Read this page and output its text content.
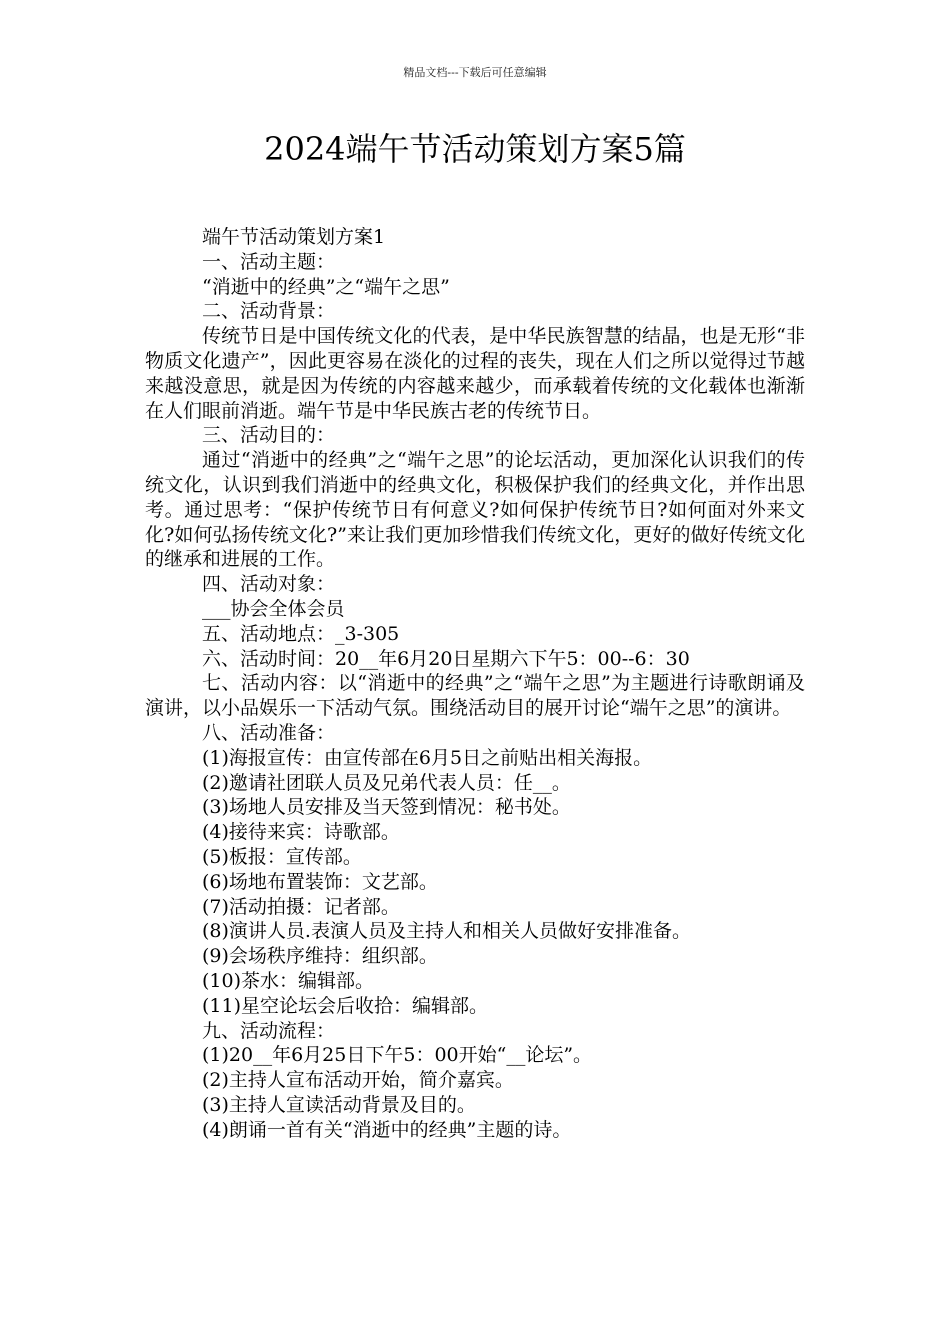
精品文档---下载后可任意编辑
2024端午节活动策划方案5篇

端午节活动策划方案1

一、活动主题：

“消逝中的经典”之“端午之思”

二、活动背景：

传统节日是中国传统文化的代表，是中华民族智慧的结晶，也是无形“非物质文化遗产”，因此更容易在淡化的过程的丧失，现在人们之所以觉得过节越来越没意思，就是因为传统的内容越来越少，而承载着传统的文化载体也渐渐在人们眼前消逝。端午节是中华民族古老的传统节日。

三、活动目的：

通过“消逝中的经典”之“端午之思”的论坛活动，更加深化认识我们的传统文化，认识到我们消逝中的经典文化，积极保护我们的经典文化，并作出思考。通过思考：“保护传统节日有何意义?如何保护传统节日?如何面对外来文化?如何弘扬传统文化?”来让我们更加珍惜我们传统文化，更好的做好传统文化的继承和进展的工作。

四、活动对象：

___协会全体会员

五、活动地点：_3-305

六、活动时间：20__年6月20日星期六下午5：00--6：30

七、活动内容：以“消逝中的经典”之“端午之思”为主题进行诗歌朗诵及演讲，以小品娱乐一下活动气氛。围绕活动目的展开讨论“端午之思”的演讲。

八、活动准备：

(1)海报宣传：由宣传部在6月5日之前贴出相关海报。

(2)邀请社团联人员及兄弟代表人员：任__。

(3)场地人员安排及当天签到情况：秘书处。

(4)接待来宾：诗歌部。

(5)板报：宣传部。

(6)场地布置装饰：文艺部。

(7)活动拍摄：记者部。

(8)演讲人员.表演人员及主持人和相关人员做好安排准备。

(9)会场秩序维持：组织部。

(10)茶水：编辑部。

(11)星空论坛会后收拾：编辑部。

九、活动流程：

(1)20__年6月25日下午5：00开始“__论坛”。

(2)主持人宣布活动开始，简介嘉宾。

(3)主持人宣读活动背景及目的。

(4)朗诵一首有关“消逝中的经典”主题的诗。
